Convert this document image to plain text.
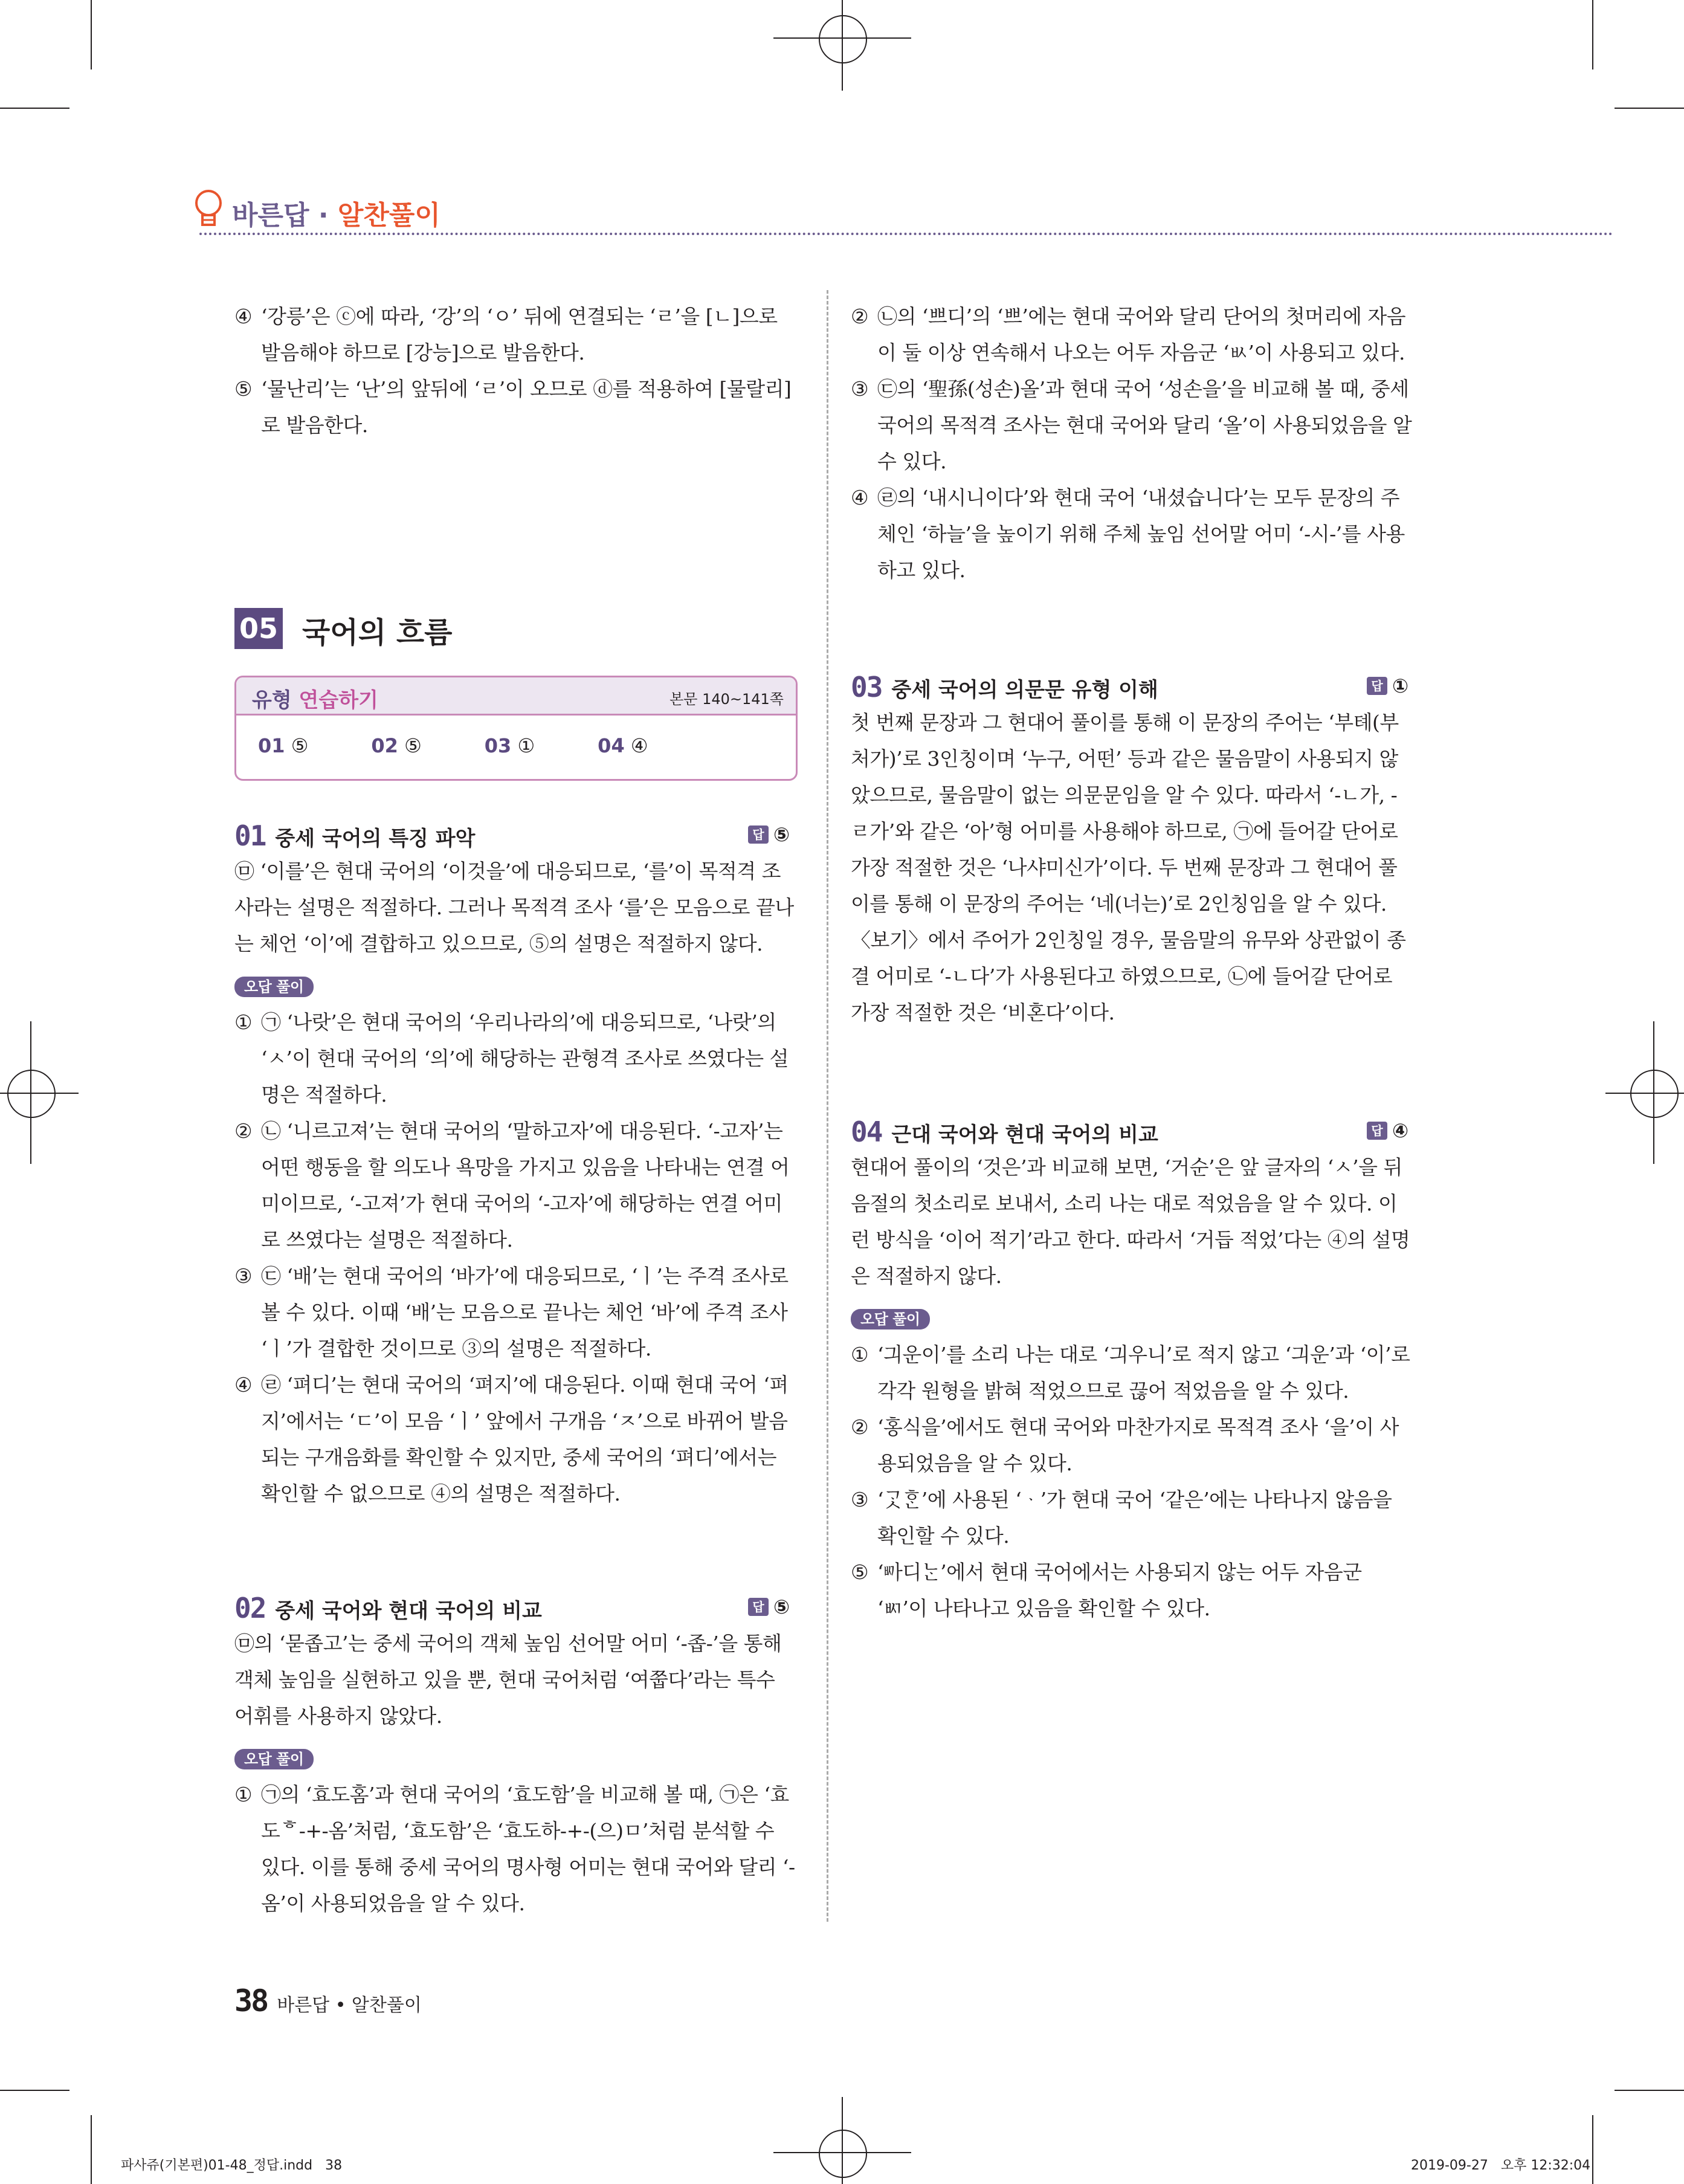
바른답 · 알찬풀이
④ ‘강릉’은 ⓒ에 따라, ‘강’의 ‘ㅇ’ 뒤에 연결되는 ‘ㄹ’을 [ㄴ]으로 발음해야 하므로 [강능]으로 발음한다.
⑤ ‘물난리’는 ‘난’의 앞뒤에 ‘ㄹ’이 오므로 ⓓ를 적용하여 [물랄리]로 발음한다.
② ㉡의 ‘쁘디’의 ‘쁘’에는 현대 국어와 달리 단어의 첫머리에 자음이 둘 이상 연속해서 나오는 어두 자음군 ‘ㅄ’이 사용되고 있다.
③ ㉢의 ‘聖孫(성손)올’과 현대 국어 ‘성손을’을 비교해 볼 때, 중세 국어의 목적격 조사는 현대 국어와 달리 ‘올’이 사용되었음을 알 수 있다.
④ ㉣의 ‘내시니이다’와 현대 국어 ‘내셨습니다’는 모두 문장의 주체인 ‘하늘’을 높이기 위해 주체 높임 선어말 어미 ‘-시-’를 사용하고 있다.
05 국어의 흐름
유형 연습하기	본문 140~141쪽
01 ⑤	02 ⑤	03 ①	04 ④
01 중세 국어의 특징 파악	답 ⑤

㉤ ‘이를’은 현대 국어의 ‘이것을’에 대응되므로, ‘를’이 목적격 조사라는 설명은 적절하다. 그러나 목적격 조사 ‘를’은 모음으로 끝나는 체언 ‘이’에 결합하고 있으므로, ⑤의 설명은 적절하지 않다.

오답 풀이
① ㉠ ‘나랏’은 현대 국어의 ‘우리나라의’에 대응되므로, ‘나랏’의 ‘ㅅ’이 현대 국어의 ‘의’에 해당하는 관형격 조사로 쓰였다는 설명은 적절하다.
② ㉡ ‘니르고져’는 현대 국어의 ‘말하고자’에 대응된다. ‘-고자’는 어떤 행동을 할 의도나 욕망을 가지고 있음을 나타내는 연결 어미이므로, ‘-고져’가 현대 국어의 ‘-고자’에 해당하는 연결 어미로 쓰였다는 설명은 적절하다.
③ ㉢ ‘배’는 현대 국어의 ‘바가’에 대응되므로, ‘ㅣ’는 주격 조사로 볼 수 있다. 이때 ‘배’는 모음으로 끝나는 체언 ‘바’에 주격 조사 ‘ㅣ’가 결합한 것이므로 ③의 설명은 적절하다.
④ ㉣ ‘펴디’는 현대 국어의 ‘펴지’에 대응된다. 이때 현대 국어 ‘펴지’에서는 ‘ㄷ’이 모음 ‘ㅣ’ 앞에서 구개음 ‘ㅈ’으로 바뀌어 발음되는 구개음화를 확인할 수 있지만, 중세 국어의 ‘펴디’에서는 확인할 수 없으므로 ④의 설명은 적절하다.
02 중세 국어와 현대 국어의 비교	답 ⑤

㉤의 ‘묻좁고’는 중세 국어의 객체 높임 선어말 어미 ‘-좁-’을 통해 객체 높임을 실현하고 있을 뿐, 현대 국어처럼 ‘여쭙다’라는 특수 어휘를 사용하지 않았다.

오답 풀이
① ㉠의 ‘효도홈’과 현대 국어의 ‘효도함’을 비교해 볼 때, ㉠은 ‘효도ᄒ-+-옴’처럼, ‘효도함’은 ‘효도하-+-(으)ㅁ’처럼 분석할 수 있다. 이를 통해 중세 국어의 명사형 어미는 현대 국어와 달리 ‘-옴’이 사용되었음을 알 수 있다.
03 중세 국어의 의문문 유형 이해	답 ①

첫 번째 문장과 그 현대어 풀이를 통해 이 문장의 주어는 ‘부톄(부처가)’로 3인칭이며 ‘누구, 어떤’ 등과 같은 물음말이 사용되지 않았으므로, 물음말이 없는 의문문임을 알 수 있다. 따라서 ‘-ㄴ가, -ㄹ가’와 같은 ‘아’형 어미를 사용해야 하므로, ㉠에 들어갈 단어로 가장 적절한 것은 ‘나샤미신가’이다. 두 번째 문장과 그 현대어 풀이를 통해 이 문장의 주어는 ‘네(너는)’로 2인칭임을 알 수 있다. 〈보기〉에서 주어가 2인칭일 경우, 물음말의 유무와 상관없이 종결 어미로 ‘-ㄴ다’가 사용된다고 하였으므로, ㉡에 들어갈 단어로 가장 적절한 것은 ‘비혼다’이다.

04 근대 국어와 현대 국어의 비교	답 ④

현대어 풀이의 ‘것은’과 비교해 보면, ‘거순’은 앞 글자의 ‘ㅅ’을 뒤 음절의 첫소리로 보내서, 소리 나는 대로 적었음을 알 수 있다. 이런 방식을 ‘이어 적기’라고 한다. 따라서 ‘거듭 적었’다는 ④의 설명은 적절하지 않다.

오답 풀이
① ‘긔운이’를 소리 나는 대로 ‘긔우니’로 적지 않고 ‘긔운’과 ‘이’로 각각 원형을 밝혀 적었으므로 끊어 적었음을 알 수 있다.
② ‘홍식을’에서도 현대 국어와 마찬가지로 목적격 조사 ‘을’이 사용되었음을 알 수 있다.
③ ‘ᄀᆞᆺᄒᆞᆫ’에 사용된 ‘ᆞ’가 현대 국어 ‘같은’에는 나타나지 않음을 확인할 수 있다.
⑤ ‘ᄢᅡ디ᄂᆞᆫ’에서 현대 국어에서는 사용되지 않는 어두 자음군 ‘ㅴ’이 나타나고 있음을 확인할 수 있다.
38 바른답 • 알찬풀이
파사쥬(기본편)01-48_정답.indd   38	2019-09-27   오후 12:32:04
